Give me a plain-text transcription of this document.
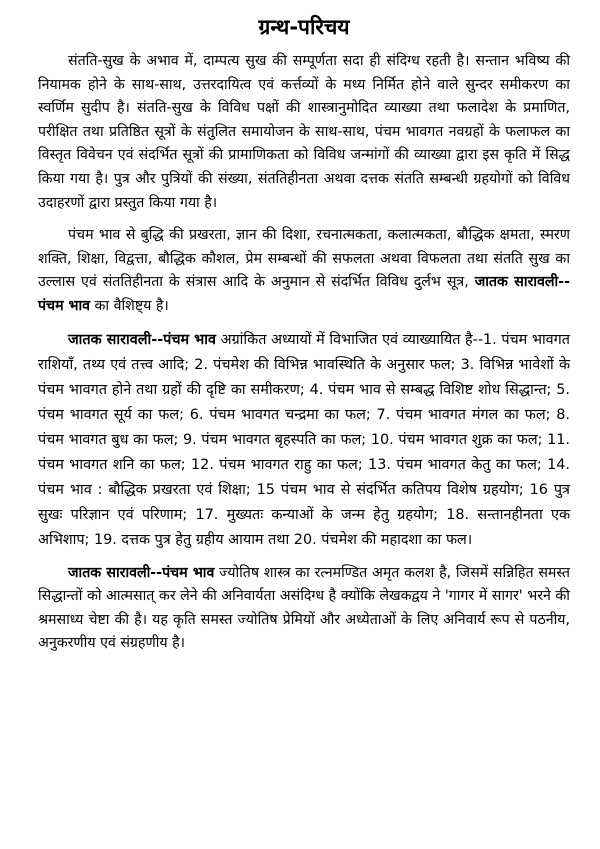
ग्रन्थ-परिचय

संतति-सुख के अभाव में, दाम्पत्य सुख की सम्पूर्णता सदा ही संदिग्ध रहती है। सन्तान भविष्य की नियामक होने के साथ-साथ, उत्तरदायित्व एवं कर्त्तव्यों के मध्य निर्मित होने वाले सुन्दर समीकरण का स्वर्णिम सुदीप है। संतति-सुख के विविध पक्षों की शास्त्रानुमोदित व्याख्या तथा फलादेश के प्रमाणित, परीक्षित तथा प्रतिष्ठित सूत्रों के संतुलित समायोजन के साथ-साथ, पंचम भावगत नवग्रहों के फलाफल का विस्तृत विवेचन एवं संदर्भित सूत्रों की प्रामाणिकता को विविध जन्मांगों की व्याख्या द्वारा इस कृति में सिद्ध किया गया है। पुत्र और पुत्रियों की संख्या, संततिहीनता अथवा दत्तक संतति सम्बन्धी ग्रहयोगों को विविध उदाहरणों द्वारा प्रस्तुत किया गया है।

पंचम भाव से बुद्धि की प्रखरता, ज्ञान की दिशा, रचनात्मकता, कलात्मकता, बौद्धिक क्षमता, स्मरण शक्ति, शिक्षा, विद्वत्ता, बौद्धिक कौशल, प्रेम सम्बन्धों की सफलता अथवा विफलता तथा संतति सुख का उल्लास एवं संततिहीनता के संत्रास आदि के अनुमान से संदर्भित विविध दुर्लभ सूत्र, जातक सारावली--पंचम भाव का वैशिष्ट्य है।

जातक सारावली--पंचम भाव अग्रांकित अध्यायों में विभाजित एवं व्याख्यायित है--1. पंचम भावगत राशियाँ, तथ्य एवं तत्त्व आदि; 2. पंचमेश की विभिन्न भावस्थिति के अनुसार फल; 3. विभिन्न भावेशों के पंचम भावगत होने तथा ग्रहों की दृष्टि का समीकरण; 4. पंचम भाव से सम्बद्ध विशिष्ट शोध सिद्धान्त; 5. पंचम भावगत सूर्य का फल; 6. पंचम भावगत चन्द्रमा का फल; 7. पंचम भावगत मंगल का फल; 8. पंचम भावगत बुध का फल; 9. पंचम भावगत बृहस्पति का फल; 10. पंचम भावगत शुक्र का फल; 11. पंचम भावगत शनि का फल; 12. पंचम भावगत राहु का फल; 13. पंचम भावगत केतु का फल; 14. पंचम भाव : बौद्धिक प्रखरता एवं शिक्षा; 15 पंचम भाव से संदर्भित कतिपय विशेष ग्रहयोग; 16 पुत्र सुखः परिज्ञान एवं परिणाम; 17. मुख्यतः कन्याओं के जन्म हेतु ग्रहयोग; 18. सन्तानहीनता एक अभिशाप; 19. दत्तक पुत्र हेतु ग्रहीय आयाम तथा 20. पंचमेश की महादशा का फल।

जातक सारावली--पंचम भाव ज्योतिष शास्त्र का रत्नमण्डित अमृत कलश है, जिसमें सन्निहित समस्त सिद्धान्तों को आत्मसात् कर लेने की अनिवार्यता असंदिग्ध है क्योंकि लेखकद्वय ने 'गागर में सागर' भरने की श्रमसाध्य चेष्टा की है। यह कृति समस्त ज्योतिष प्रेमियों और अध्येताओं के लिए अनिवार्य रूप से पठनीय, अनुकरणीय एवं संग्रहणीय है।
